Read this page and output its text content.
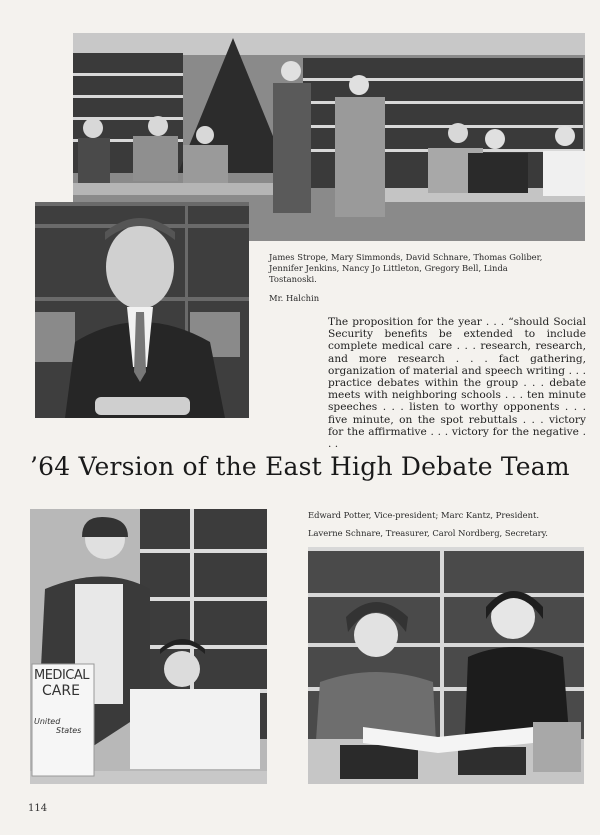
James Strope, Mary Simmonds, David Schnare, Thomas Goliber,
Jennifer Jenkins, Nancy Jo Littleton, Gregory Bell, Linda
Tostanoski.
Mr. Halchin
The proposition for the year . . . “should Social Security benefits be extended to include complete medical care . . . research, research, and more research . . . fact gathering, organization of material and speech writing . . . practice debates within the group . . . debate meets with neighboring schools . . . ten minute speeches . . . listen to worthy opponents . . . five minute, on the spot rebuttals . . . victory for the affirmative . . . victory for the negative . . .
’64 Version of the East High Debate Team
Edward Potter, Vice-president; Marc Kantz, President.
Laverne Schnare, Treasurer, Carol Nordberg, Secretary.
MEDICAL
CARE
United
States
114
